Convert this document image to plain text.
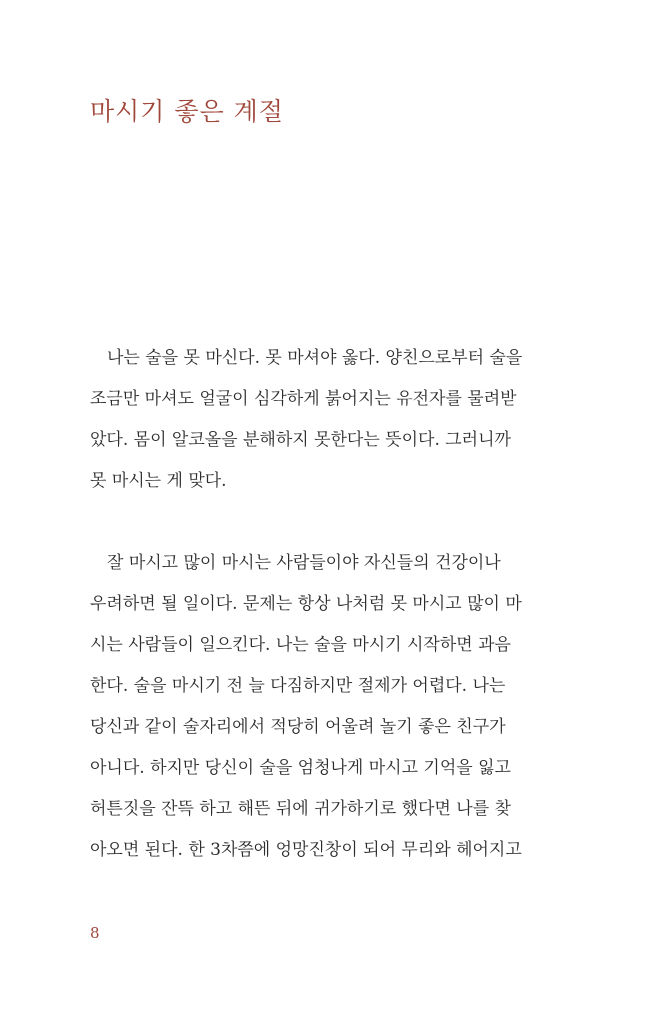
마시기 좋은 계절

나는 술을 못 마신다. 못 마셔야 옳다. 양친으로부터 술을
조금만 마셔도 얼굴이 심각하게 붉어지는 유전자를 물려받
았다. 몸이 알코올을 분해하지 못한다는 뜻이다. 그러니까
못 마시는 게 맞다.

잘 마시고 많이 마시는 사람들이야 자신들의 건강이나
우려하면 될 일이다. 문제는 항상 나처럼 못 마시고 많이 마
시는 사람들이 일으킨다. 나는 술을 마시기 시작하면 과음
한다. 술을 마시기 전 늘 다짐하지만 절제가 어렵다. 나는
당신과 같이 술자리에서 적당히 어울려 놀기 좋은 친구가
아니다. 하지만 당신이 술을 엄청나게 마시고 기억을 잃고
허튼짓을 잔뜩 하고 해뜬 뒤에 귀가하기로 했다면 나를 찾
아오면 된다. 한 3차쯤에 엉망진창이 되어 무리와 헤어지고

8
